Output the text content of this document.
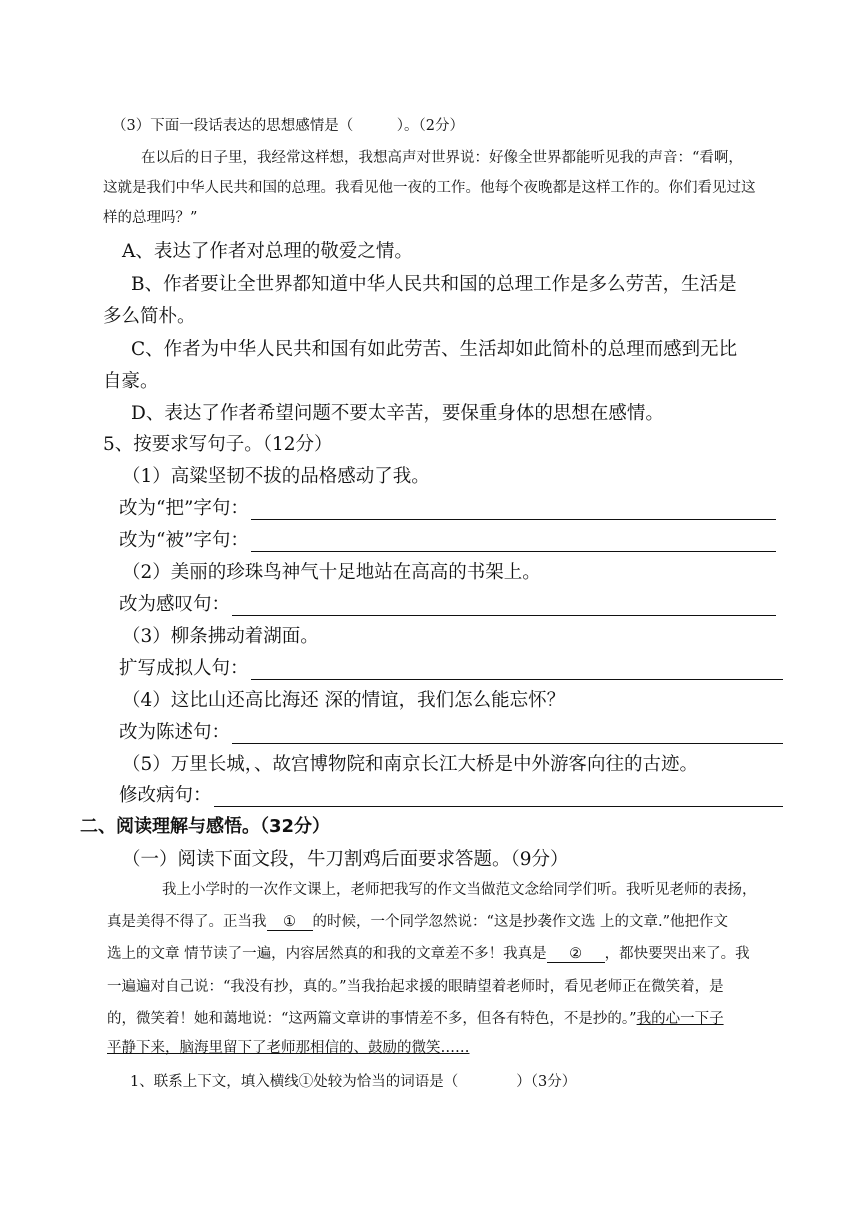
（3）下面一段话表达的思想感情是（　　　）。（2分）
在以后的日子里，我经常这样想，我想高声对世界说：好像全世界都能听见我的声音：“看啊，
这就是我们中华人民共和国的总理。我看见他一夜的工作。他每个夜晚都是这样工作的。你们看见过这
样的总理吗？”
A、表达了作者对总理的敬爱之情。
B、作者要让全世界都知道中华人民共和国的总理工作是多么劳苦，生活是
多么简朴。
C、作者为中华人民共和国有如此劳苦、生活却如此简朴的总理而感到无比
自豪。
D、表达了作者希望问题不要太辛苦，要保重身体的思想在感情。
5、按要求写句子。（12分）
（1）高粱坚韧不拔的品格感动了我。
改为“把”字句：
改为“被”字句：
（2）美丽的珍珠鸟神气十足地站在高高的书架上。
改为感叹句：
（3）柳条拂动着湖面。
扩写成拟人句：
（4）这比山还高比海还 深的情谊，我们怎么能忘怀？
改为陈述句：
（5）万里长城，、故宫博物院和南京长江大桥是中外游客向往的古迹。
修改病句：
二、阅读理解与感悟。（32分）
（一）阅读下面文段，牛刀割鸡后面要求答题。（9分）
我上小学时的一次作文课上，老师把我写的作文当做范文念给同学们听。我听见老师的表扬，
真是美得不得了。正当我 ① 的时候，一个同学忽然说：“这是抄袭作文选 上的文章.”他把作文
选上的文章 情节读了一遍，内容居然真的和我的文章差不多！我真是 ② ，都快要哭出来了。我
一遍遍对自己说：“我没有抄，真的。”当我抬起求援的眼睛望着老师时，看见老师正在微笑着，是
的，微笑着！她和蔼地说：“这两篇文章讲的事情差不多，但各有特色，不是抄的。”我的心一下子
平静下来，脑海里留下了老师那相信的、鼓励的微笑……
1、联系上下文，填入横线①处较为恰当的词语是（　　　　）（3分）
